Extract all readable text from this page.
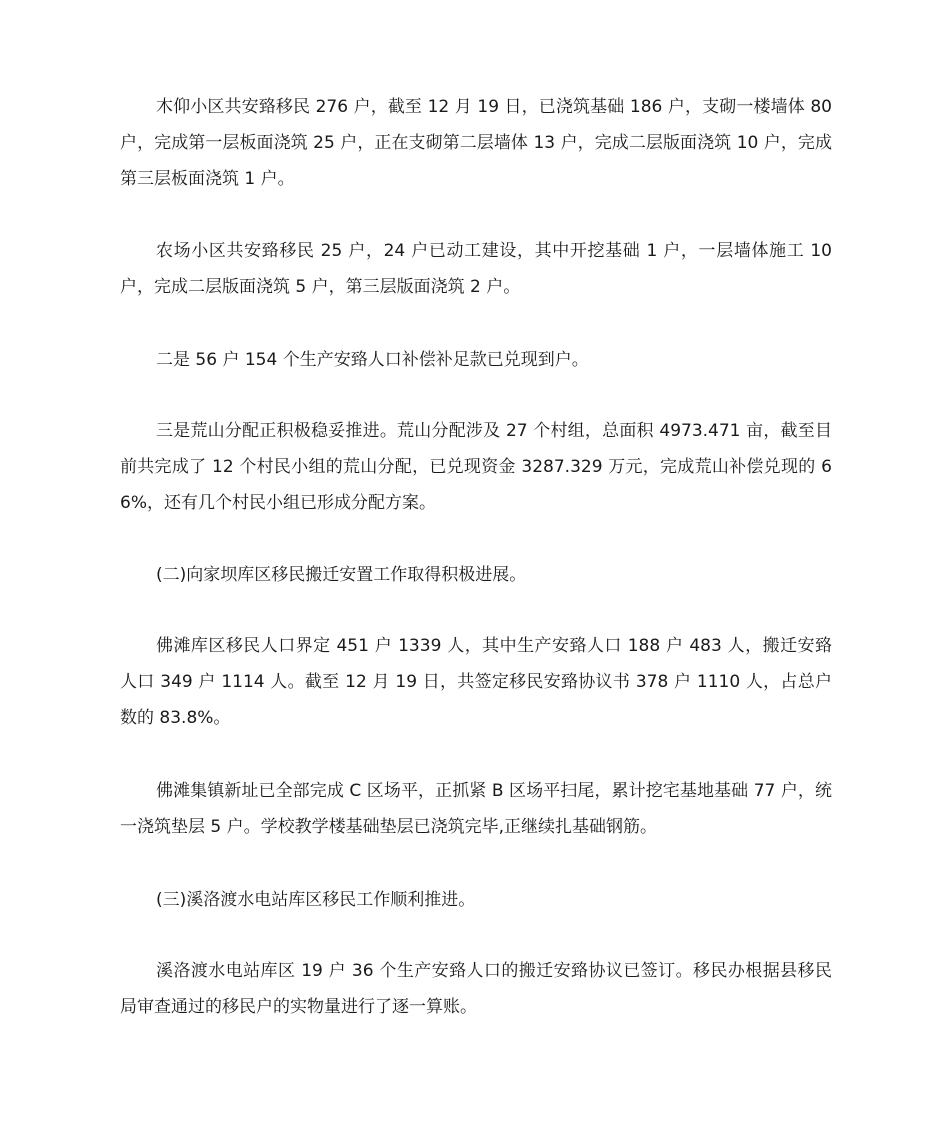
木仰小区共安臵移民 276 户，截至 12 月 19 日，已浇筑基础 186 户，支砌一楼墙体 80 户，完成第一层板面浇筑 25 户，正在支砌第二层墙体 13 户，完成二层版面浇筑 10 户，完成第三层板面浇筑 1 户。

农场小区共安臵移民 25 户，24 户已动工建设，其中开挖基础 1 户，一层墙体施工 10 户，完成二层版面浇筑 5 户，第三层版面浇筑 2 户。

二是 56 户 154 个生产安臵人口补偿补足款已兑现到户。

三是荒山分配正积极稳妥推进。荒山分配涉及 27 个村组，总面积 4973.471 亩，截至目前共完成了 12 个村民小组的荒山分配，已兑现资金 3287.329 万元，完成荒山补偿兑现的 66%，还有几个村民小组已形成分配方案。

(二)向家坝库区移民搬迁安置工作取得积极进展。

佛滩库区移民人口界定 451 户 1339 人，其中生产安臵人口 188 户 483 人，搬迁安臵人口 349 户 1114 人。截至 12 月 19 日，共签定移民安臵协议书 378 户 1110 人，占总户数的 83.8%。

佛滩集镇新址已全部完成 C 区场平，正抓紧 B 区场平扫尾，累计挖宅基地基础 77 户，统一浇筑垫层 5 户。学校教学楼基础垫层已浇筑完毕,正继续扎基础钢筋。

(三)溪洛渡水电站库区移民工作顺利推进。

溪洛渡水电站库区 19 户 36 个生产安臵人口的搬迁安臵协议已签订。移民办根据县移民局审查通过的移民户的实物量进行了逐一算账。
